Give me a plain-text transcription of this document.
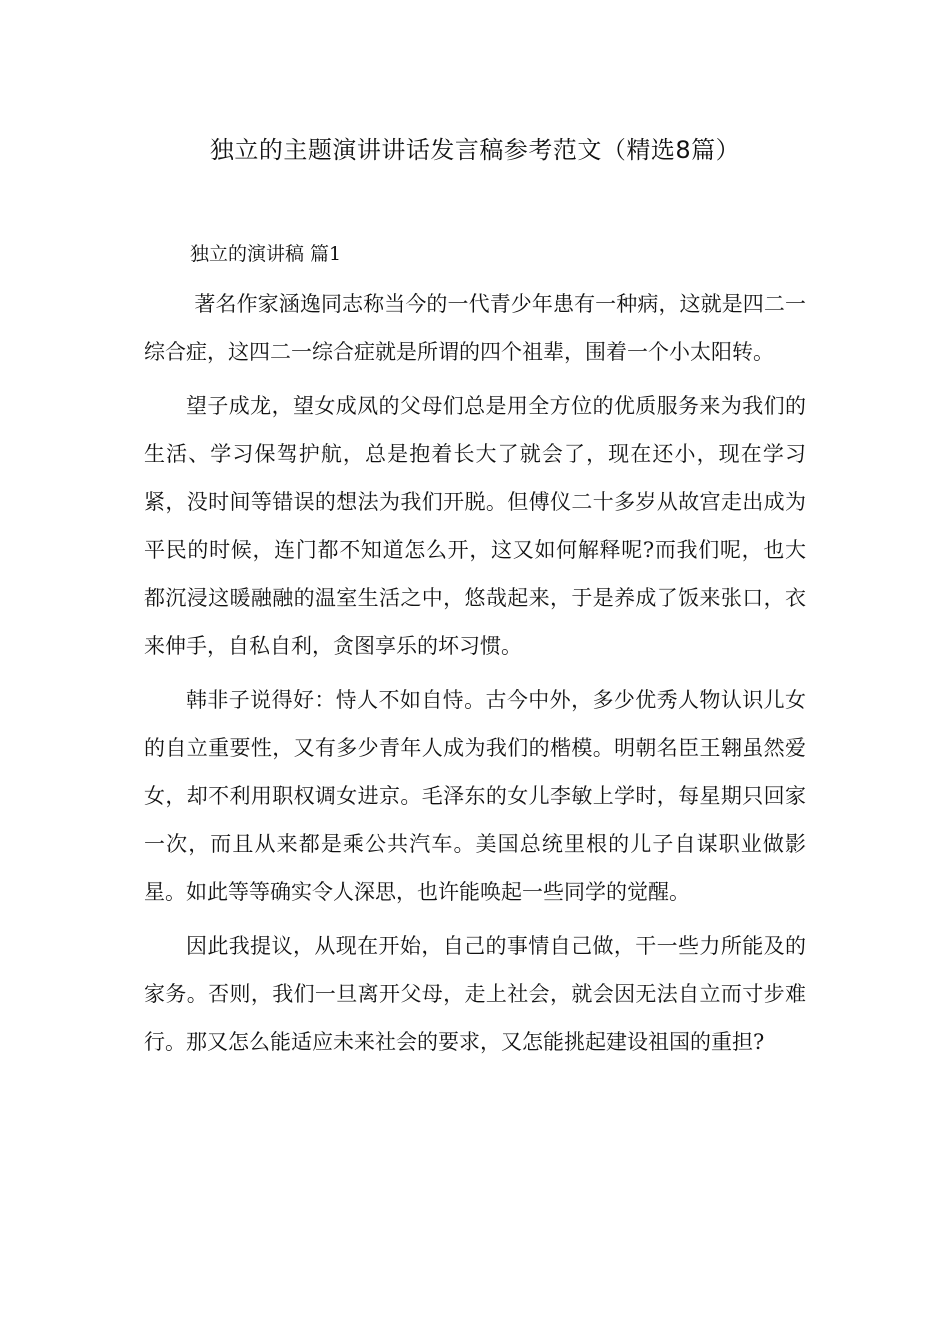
独立的主题演讲讲话发言稿参考范文（精选8篇）
独立的演讲稿 篇1

著名作家涵逸同志称当今的一代青少年患有一种病，这就是四二一综合症，这四二一综合症就是所谓的四个祖辈，围着一个小太阳转。

望子成龙，望女成凤的父母们总是用全方位的优质服务来为我们的生活、学习保驾护航，总是抱着长大了就会了，现在还小，现在学习紧，没时间等错误的想法为我们开脱。但傅仪二十多岁从故宫走出成为平民的时候，连门都不知道怎么开，这又如何解释呢?而我们呢，也大都沉浸这暖融融的温室生活之中，悠哉起来，于是养成了饭来张口，衣来伸手，自私自利，贪图享乐的坏习惯。

韩非子说得好：恃人不如自恃。古今中外，多少优秀人物认识儿女的自立重要性，又有多少青年人成为我们的楷模。明朝名臣王翱虽然爱女，却不利用职权调女进京。毛泽东的女儿李敏上学时，每星期只回家一次，而且从来都是乘公共汽车。美国总统里根的儿子自谋职业做影星。如此等等确实令人深思，也许能唤起一些同学的觉醒。

因此我提议，从现在开始，自己的事情自己做，干一些力所能及的家务。否则，我们一旦离开父母，走上社会，就会因无法自立而寸步难行。那又怎么能适应未来社会的要求，又怎能挑起建设祖国的重担?
